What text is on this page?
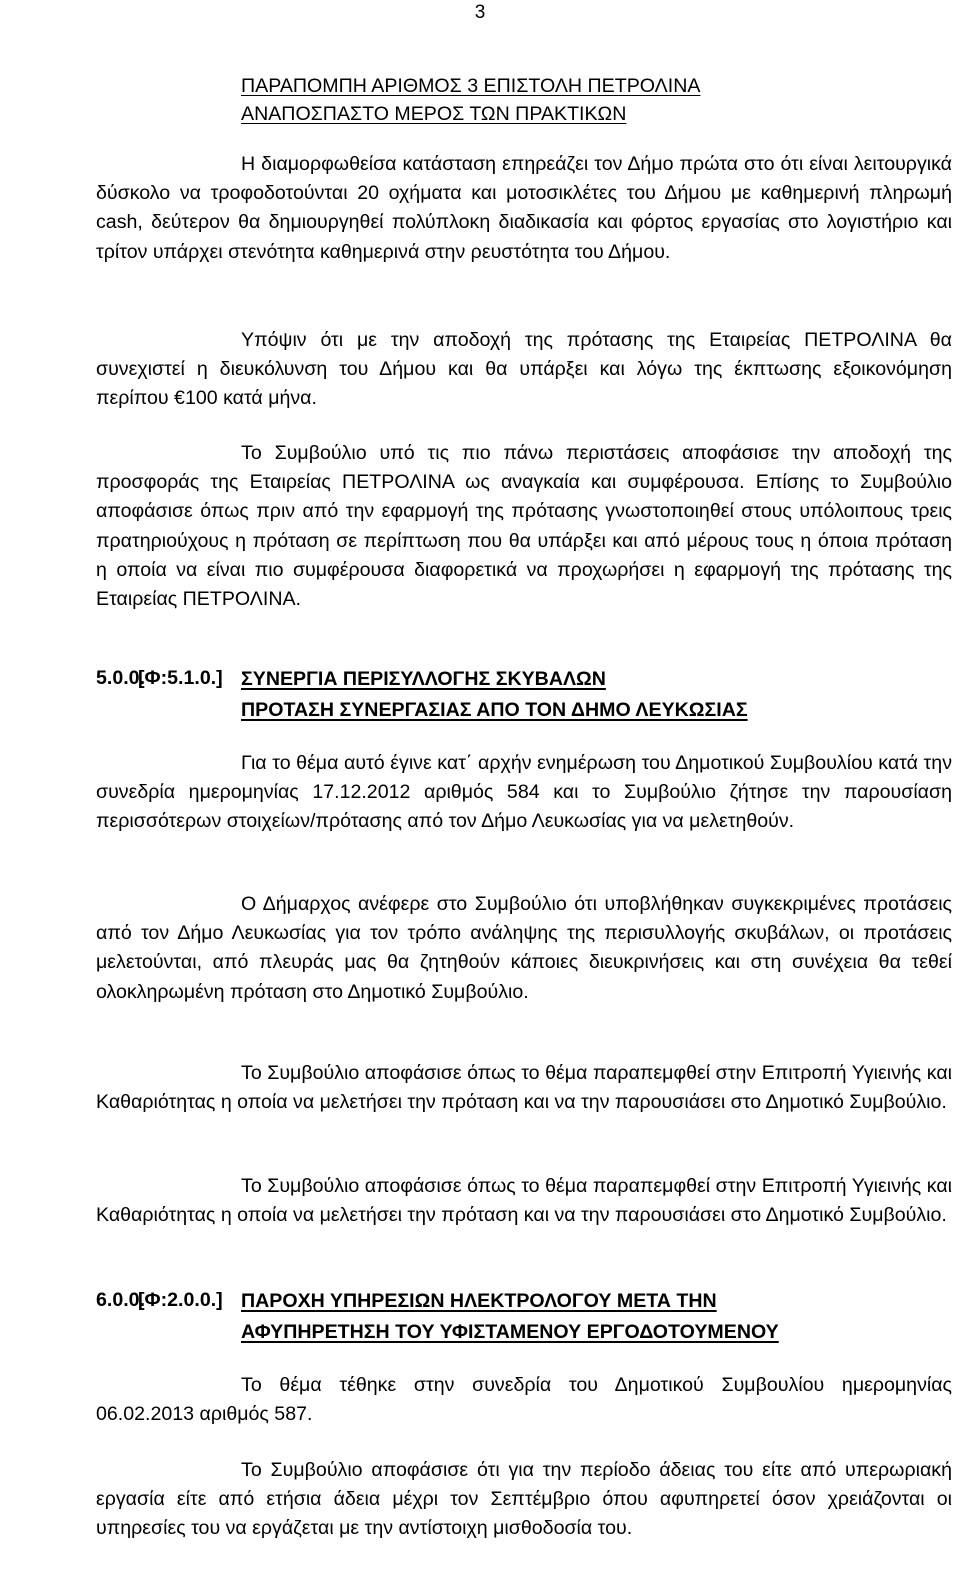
3
ΠΑΡΑΠΟΜΠΗ ΑΡΙΘΜΟΣ 3 ΕΠΙΣΤΟΛΗ ΠΕΤΡΟΛΙΝΑ
ΑΝΑΠΟΣΠΑΣΤΟ ΜΕΡΟΣ ΤΩΝ ΠΡΑΚΤΙΚΩΝ

Η διαμορφωθείσα κατάσταση επηρεάζει τον Δήμο πρώτα στο ότι είναι λειτουργικά δύσκολο να τροφοδοτούνται 20 οχήματα και μοτοσικλέτες του Δήμου με καθημερινή πληρωμή cash, δεύτερον θα δημιουργηθεί πολύπλοκη διαδικασία και φόρτος εργασίας στο λογιστήριο και τρίτον υπάρχει στενότητα καθημερινά στην ρευστότητα του Δήμου.

Υπόψιν ότι με την αποδοχή της πρότασης της Εταιρείας ΠΕΤΡΟΛΙΝΑ θα συνεχιστεί η διευκόλυνση του Δήμου και θα υπάρξει και λόγω της έκπτωσης εξοικονόμηση περίπου €100 κατά μήνα.

Το Συμβούλιο υπό τις πιο πάνω περιστάσεις αποφάσισε την αποδοχή της προσφοράς της Εταιρείας ΠΕΤΡΟΛΙΝΑ ως αναγκαία και συμφέρουσα. Επίσης το Συμβούλιο αποφάσισε όπως πριν από την εφαρμογή της πρότασης γνωστοποιηθεί στους υπόλοιπους τρεις πρατηριούχους η πρόταση σε περίπτωση που θα υπάρξει και από μέρους τους η όποια πρόταση η οποία να είναι πιο συμφέρουσα διαφορετικά να προχωρήσει η εφαρμογή της πρότασης της Εταιρείας ΠΕΤΡΟΛΙΝΑ.

5.0.0.
[Φ:5.1.0.] ΣΥΝΕΡΓΙΑ ΠΕΡΙΣΥΛΛΟΓΗΣ ΣΚΥΒΑΛΩΝ
ΠΡΟΤΑΣΗ ΣΥΝΕΡΓΑΣΙΑΣ ΑΠΟ ΤΟΝ ΔΗΜΟ ΛΕΥΚΩΣΙΑΣ

Για το θέμα αυτό έγινε κατ΄ αρχήν ενημέρωση του Δημοτικού Συμβουλίου κατά την συνεδρία ημερομηνίας 17.12.2012 αριθμός 584 και το Συμβούλιο ζήτησε την παρουσίαση περισσότερων στοιχείων/πρότασης από τον Δήμο Λευκωσίας για να μελετηθούν.

Ο Δήμαρχος ανέφερε στο Συμβούλιο ότι υποβλήθηκαν συγκεκριμένες προτάσεις από τον Δήμο Λευκωσίας για τον τρόπο ανάληψης της περισυλλογής σκυβάλων, οι προτάσεις μελετούνται, από πλευράς μας θα ζητηθούν κάποιες διευκρινήσεις και στη συνέχεια θα τεθεί ολοκληρωμένη πρόταση στο Δημοτικό Συμβούλιο.

Το Συμβούλιο αποφάσισε όπως το θέμα παραπεμφθεί στην Επιτροπή Υγιεινής και Καθαριότητας η οποία να μελετήσει την πρόταση και να την παρουσιάσει στο Δημοτικό Συμβούλιο.

Το Συμβούλιο αποφάσισε όπως το θέμα παραπεμφθεί στην Επιτροπή Υγιεινής και Καθαριότητας η οποία να μελετήσει την πρόταση και να την παρουσιάσει στο Δημοτικό Συμβούλιο.

6.0.0.
[Φ:2.0.0.] ΠΑΡΟΧΗ ΥΠΗΡΕΣΙΩΝ ΗΛΕΚΤΡΟΛΟΓΟΥ ΜΕΤΑ ΤΗΝ
ΑΦΥΠΗΡΕΤΗΣΗ ΤΟΥ ΥΦΙΣΤΑΜΕΝΟΥ ΕΡΓΟΔΟΤΟΥΜΕΝΟΥ

Το θέμα τέθηκε στην συνεδρία του Δημοτικού Συμβουλίου ημερομηνίας 06.02.2013 αριθμός 587.

Το Συμβούλιο αποφάσισε ότι για την περίοδο άδειας του είτε από υπερωριακή εργασία είτε από ετήσια άδεια μέχρι τον Σεπτέμβριο όπου αφυπηρετεί όσον χρειάζονται οι υπηρεσίες του να εργάζεται με την αντίστοιχη μισθοδοσία του.
